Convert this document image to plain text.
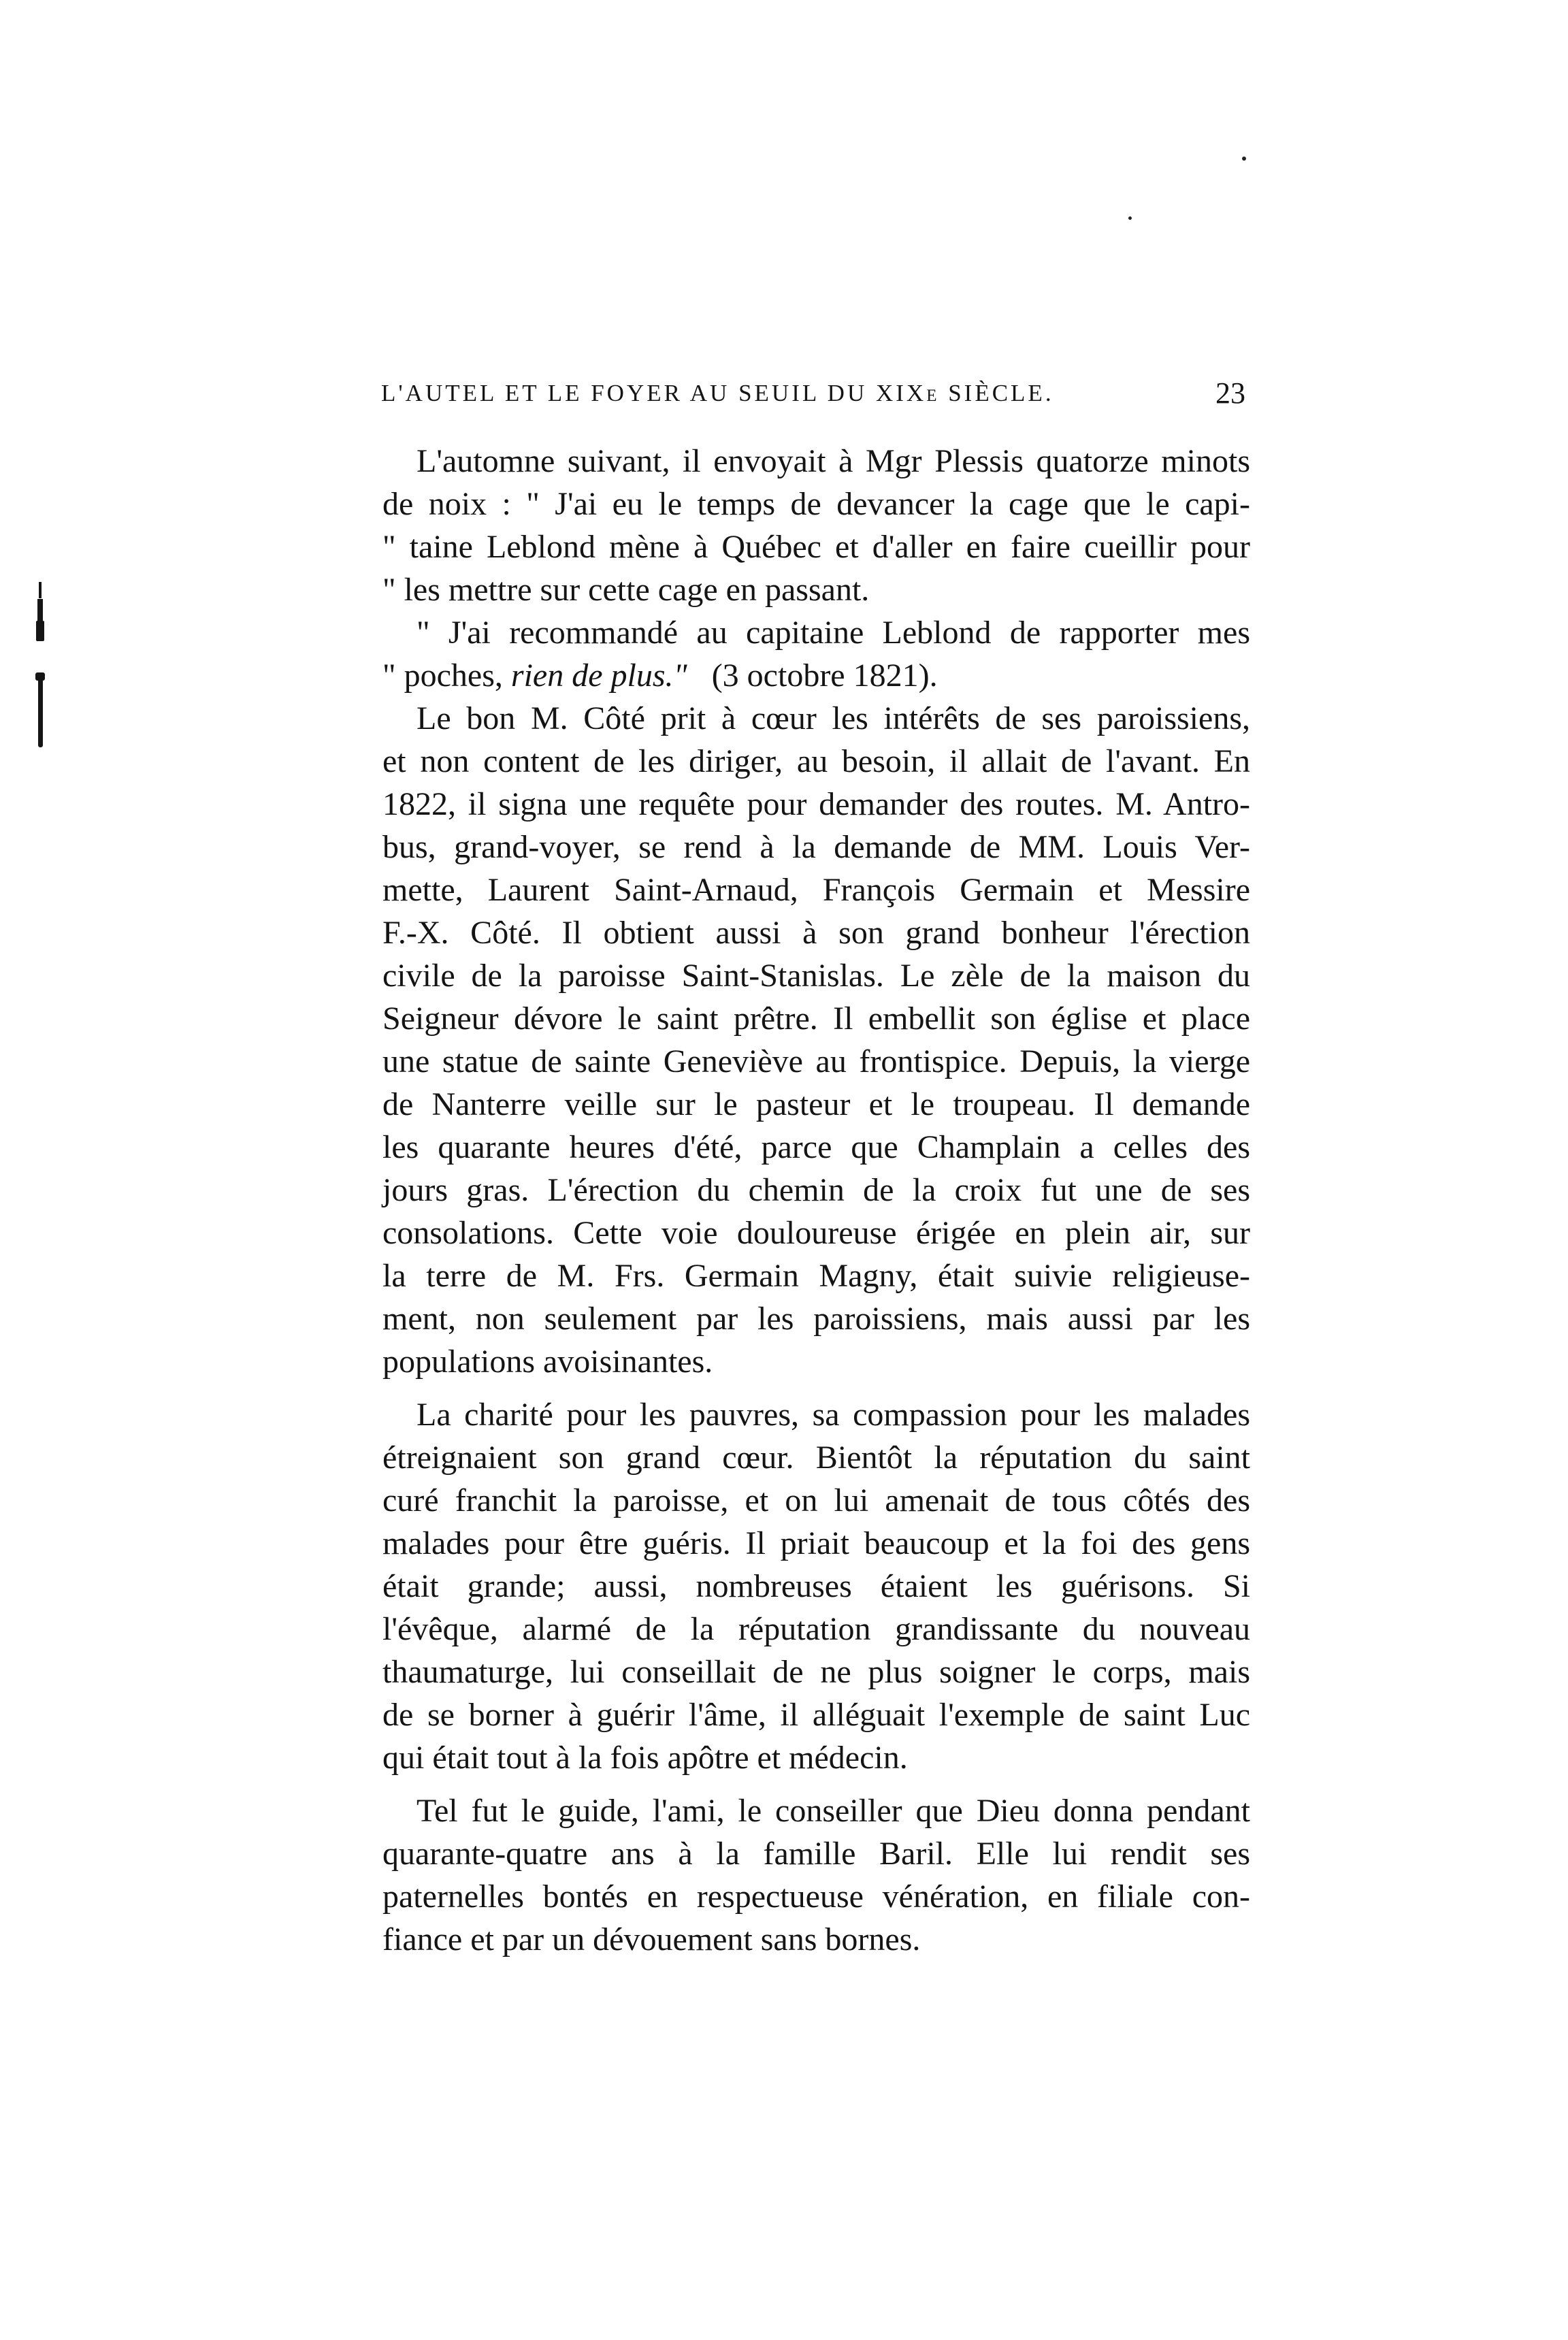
L'AUTEL ET LE FOYER AU SEUIL DU XIXe SIÈCLE.	23
L'automne suivant, il envoyait à Mgr Plessis quatorze minots
de noix : " J'ai eu le temps de devancer la cage que le capi-
" taine Leblond mène à Québec et d'aller en faire cueillir pour
" les mettre sur cette cage en passant.
" J'ai recommandé au capitaine Leblond de rapporter mes
" poches, rien de plus." (3 octobre 1821).
Le bon M. Côté prit à cœur les intérêts de ses paroissiens,
et non content de les diriger, au besoin, il allait de l'avant. En
1822, il signa une requête pour demander des routes. M. Antro-
bus, grand-voyer, se rend à la demande de MM. Louis Ver-
mette, Laurent Saint-Arnaud, François Germain et Messire
F.-X. Côté. Il obtient aussi à son grand bonheur l'érection
civile de la paroisse Saint-Stanislas. Le zèle de la maison du
Seigneur dévore le saint prêtre. Il embellit son église et place
une statue de sainte Geneviève au frontispice. Depuis, la vierge
de Nanterre veille sur le pasteur et le troupeau. Il demande
les quarante heures d'été, parce que Champlain a celles des
jours gras. L'érection du chemin de la croix fut une de ses
consolations. Cette voie douloureuse érigée en plein air, sur
la terre de M. Frs. Germain Magny, était suivie religieuse-
ment, non seulement par les paroissiens, mais aussi par les
populations avoisinantes.
La charité pour les pauvres, sa compassion pour les malades
étreignaient son grand cœur. Bientôt la réputation du saint
curé franchit la paroisse, et on lui amenait de tous côtés des
malades pour être guéris. Il priait beaucoup et la foi des gens
était grande; aussi, nombreuses étaient les guérisons. Si
l'évêque, alarmé de la réputation grandissante du nouveau
thaumaturge, lui conseillait de ne plus soigner le corps, mais
de se borner à guérir l'âme, il alléguait l'exemple de saint Luc
qui était tout à la fois apôtre et médecin.
Tel fut le guide, l'ami, le conseiller que Dieu donna pendant
quarante-quatre ans à la famille Baril. Elle lui rendit ses
paternelles bontés en respectueuse vénération, en filiale con-
fiance et par un dévouement sans bornes.
